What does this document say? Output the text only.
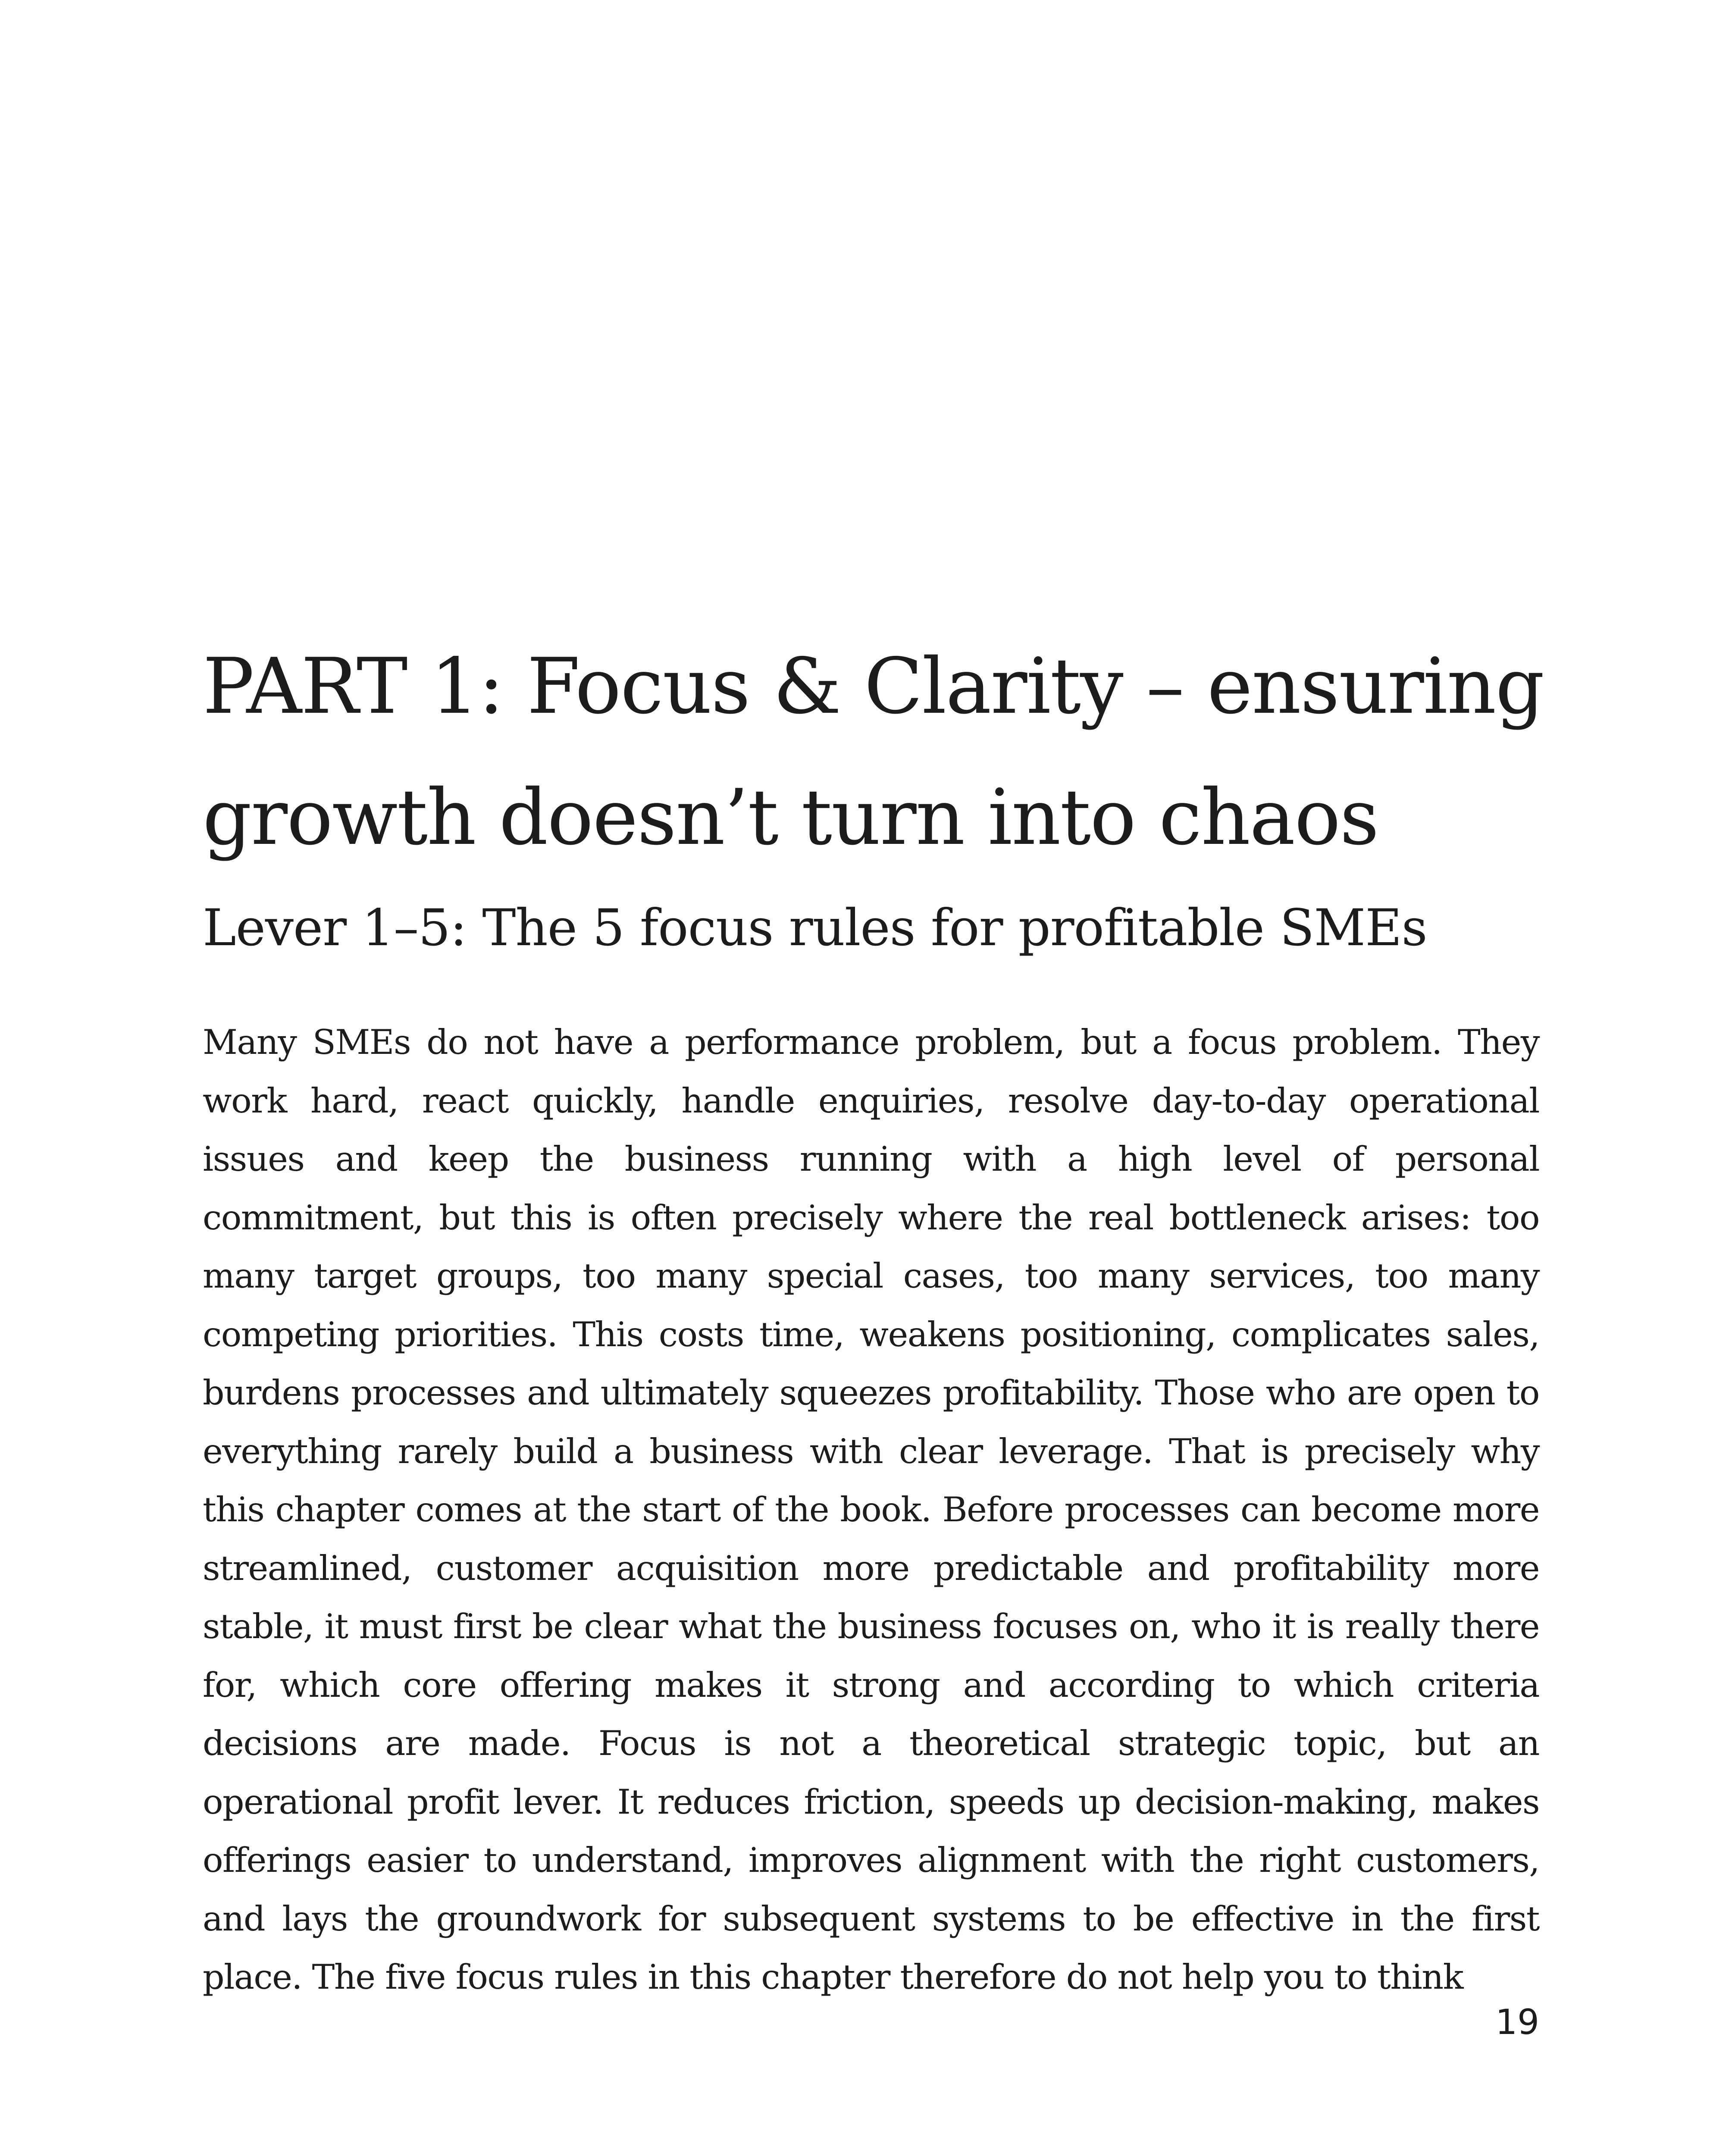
PART 1: Focus & Clarity – ensuring
growth doesn’t turn into chaos
Lever 1–5: The 5 focus rules for profitable SMEs

Many SMEs do not have a performance problem, but a focus problem. They work hard, react quickly, handle enquiries, resolve day-to-day operational issues and keep the business running with a high level of personal commitment, but this is often precisely where the real bottleneck arises: too many target groups, too many special cases, too many services, too many competing priorities. This costs time, weakens positioning, complicates sales, burdens processes and ultimately squeezes profitability. Those who are open to everything rarely build a business with clear leverage. That is precisely why this chapter comes at the start of the book. Before processes can become more streamlined, customer acquisition more predictable and profitability more stable, it must first be clear what the business focuses on, who it is really there for, which core offering makes it strong and according to which criteria decisions are made. Focus is not a theoretical strategic topic, but an operational profit lever. It reduces friction, speeds up decision-making, makes offerings easier to understand, improves alignment with the right customers, and lays the groundwork for subsequent systems to be effective in the first place. The five focus rules in this chapter therefore do not help you to think

19
